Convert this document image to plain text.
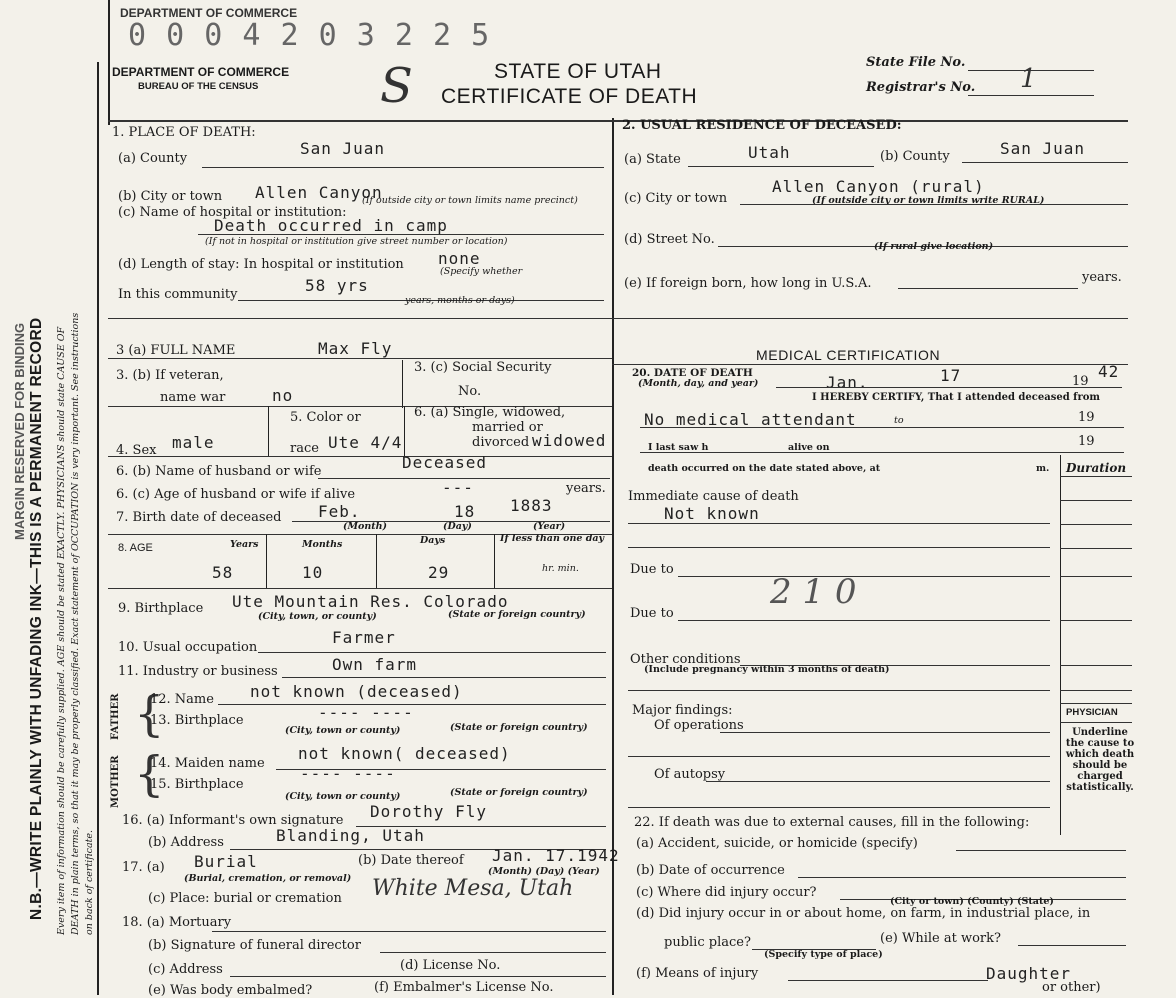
N.B.—WRITE PLAINLY WITH UNFADING INK—THIS IS A PERMANENT RECORD
MARGIN RESERVED FOR BINDING	Every item of information should be carefully supplied. AGE should be stated EXACTLY. PHYSICIANS should state CAUSE OF DEATH in plain terms, so that it may be properly classified. Exact statement of OCCUPATION is very important. See instructions on back of certificate.
DEPARTMENT OF COMMERCE
0 0 0 4 2 0 3 2 2 5
DEPARTMENT OF COMMERCE
BUREAU OF THE CENSUS
STATE OF UTAH
CERTIFICATE OF DEATH
S	State File No.
Registrar's No. 1
1. PLACE OF DEATH:
(a) County
San Juan
(b) City or town Allen Canyon
(If outside city or town limits name precinct)
(c) Name of hospital or institution:
Death occurred in camp
(If not in hospital or institution give street number or location)
(d) Length of stay: In hospital or institution none
(Specify whether
In this community	58 yrs
years, months or days)
3 (a) FULL NAME	Max Fly
3. (b) If veteran,
name war	no
3. (c) Social Security
No.
5. Color or
race Ute 4/4
4. Sex male
6. (a) Single, widowed,
married or
divorced widowed
6. (b) Name of husband or wife	Deceased
6. (c) Age of husband or wife if alive	---	years.
7. Birth date of deceased Feb.	18 1883
(Month)	(Day)	(Year)
8. AGE	Years	Months	Days	If less than one day
58	10	29	hr. min.
9. Birthplace Ute Mountain Res. Colorado
(City, town, or county)	(State or foreign country)
10. Usual occupation
Farmer
11. Industry or business	Own farm
FATHER {
12. Name not known (deceased)
13. Birthplace	---- ----
(City, town or county)	(State or foreign country)
MOTHER {
14. Maiden name
not known( deceased)
15. Birthplace
---- ----
(City, town or county)	(State or foreign country)
16. (a) Informant's own signature Dorothy Fly
(b) Address	Blanding, Utah
17. (a) Burial
(Burial, cremation, or removal)
(b) Date thereof Jan. 17.1942
(Month) (Day) (Year)
(c) Place: burial or cremation White Mesa, Utah
18. (a) Mortuary
(b) Signature of funeral director
(c) Address	(d) License No.
(e) Was body embalmed?	(f) Embalmer's License No.
2. USUAL RESIDENCE OF DECEASED:
(a) State	Utah	(b) County	San Juan
(c) City or town
Allen Canyon (rural)
(If outside city or town limits write RURAL)
(d) Street No.	(If rural give location)
(e) If foreign born, how long in U.S.A.	years.
MEDICAL CERTIFICATION
20. DATE OF DEATH
(Month, day, and year)	Jan.	17	19
42
I HEREBY CERTIFY, That I attended deceased from
No medical attendant	to	19
I last saw h	alive on	19
death occurred on the date stated above, at	m. Duration
Immediate cause of death
Not known
Due to
Due to
2 1 0
Other conditions
(Include pregnancy within 3 months of death)
Major findings:
Of operations
Of autopsy
PHYSICIAN
Underline the cause to which death should be charged statistically.
22. If death was due to external causes, fill in the following:
(a) Accident, suicide, or homicide (specify)
(b) Date of occurrence
(c) Where did injury occur?
(City or town) (County) (State)
(d) Did injury occur in or about home, on farm, in industrial place, in
public place?
(Specify type of place)
(e) While at work?
(f) Means of injury	Daughter
or other)
